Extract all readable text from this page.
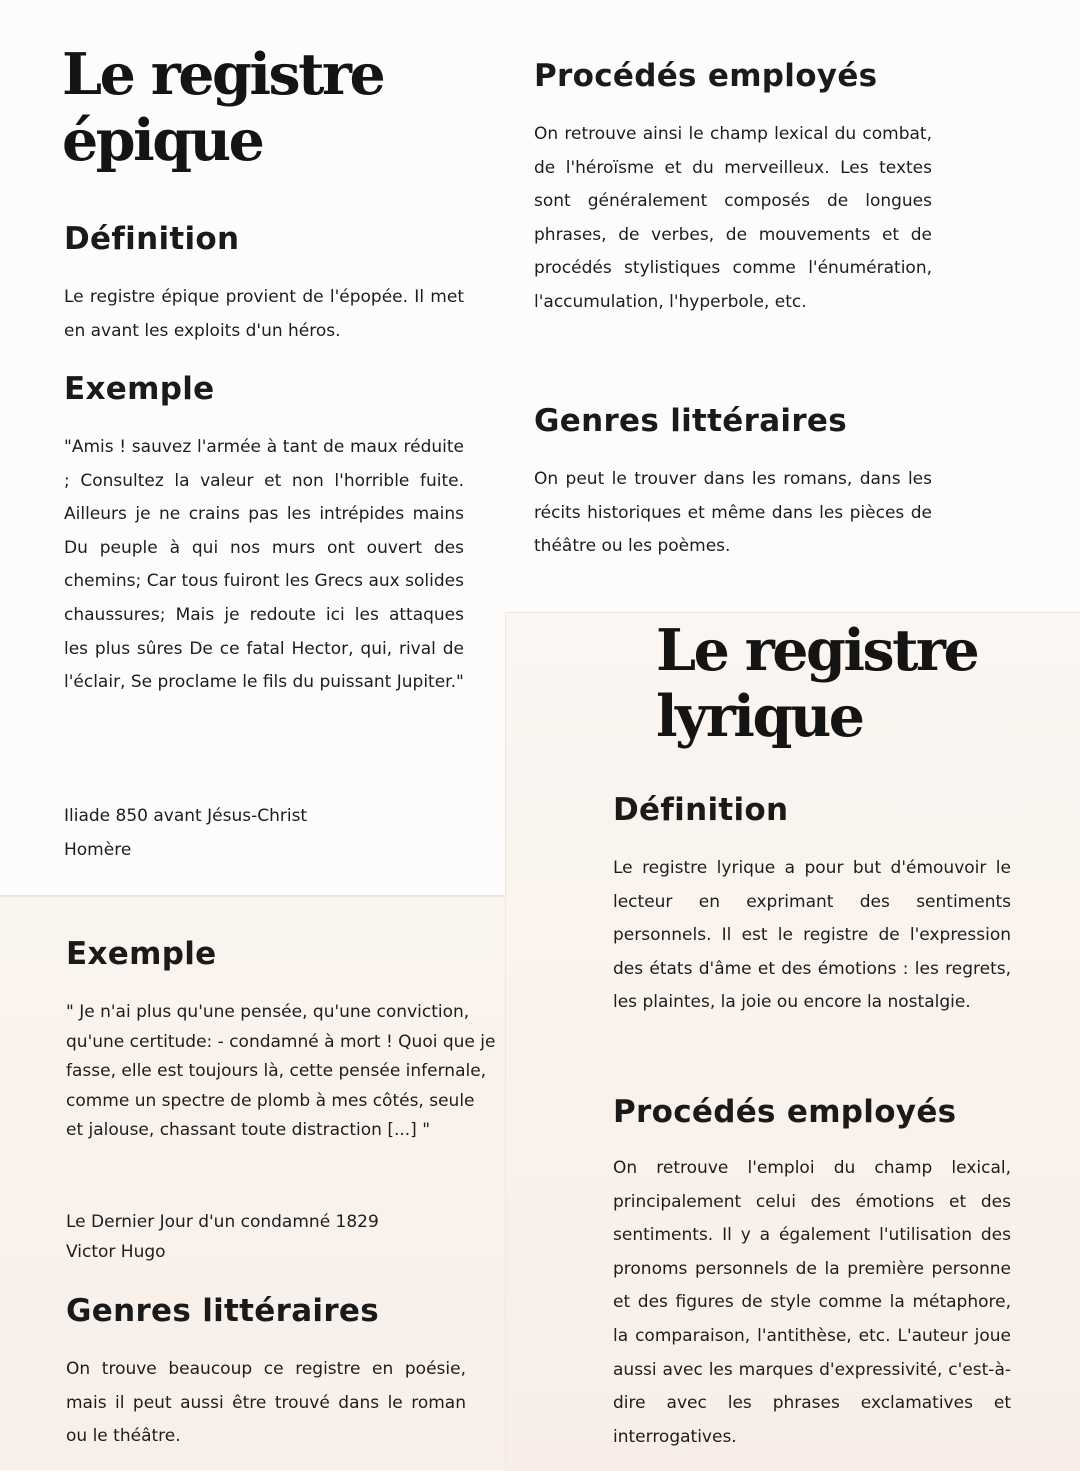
Le registre
épique
Définition

Le registre épique provient de l'épopée. Il met en avant les exploits d'un héros.

Exemple

"Amis ! sauvez l'armée à tant de maux réduite ; Consultez la valeur et non l'horrible fuite. Ailleurs je ne crains pas les intrépides mains Du peuple à qui nos murs ont ouvert des chemins; Car tous fuiront les Grecs aux solides chaussures; Mais je redoute ici les attaques les plus sûres De ce fatal Hector, qui, rival de l'éclair, Se proclame le fils du puissant Jupiter."

Iliade 850 avant Jésus-Christ

Homère

Procédés employés

On retrouve ainsi le champ lexical du combat, de l'héroïsme et du merveilleux. Les textes sont généralement composés de longues phrases, de verbes, de mouvements et de procédés stylistiques comme l'énumération, l'accumulation, l'hyperbole, etc.

Genres littéraires

On peut le trouver dans les romans, dans les récits historiques et même dans les pièces de théâtre ou les poèmes.

Exemple

" Je n'ai plus qu'une pensée, qu'une conviction, qu'une certitude: - condamné à mort ! Quoi que je fasse, elle est toujours là, cette pensée infernale, comme un spectre de plomb à mes côtés, seule et jalouse, chassant toute distraction [...] "

Le Dernier Jour d'un condamné 1829

Victor Hugo

Genres littéraires

On trouve beaucoup ce registre en poésie, mais il peut aussi être trouvé dans le roman ou le théâtre.

Le registre
lyrique
Définition

Le registre lyrique a pour but d'émouvoir le lecteur en exprimant des sentiments personnels. Il est le registre de l'expression des états d'âme et des émotions : les regrets, les plaintes, la joie ou encore la nostalgie.

Procédés employés

On retrouve l'emploi du champ lexical, principalement celui des émotions et des sentiments. Il y a également l'utilisation des pronoms personnels de la première personne et des figures de style comme la métaphore, la comparaison, l'antithèse, etc. L'auteur joue aussi avec les marques d'expressivité, c'est-à-dire avec les phrases exclamatives et interrogatives.
